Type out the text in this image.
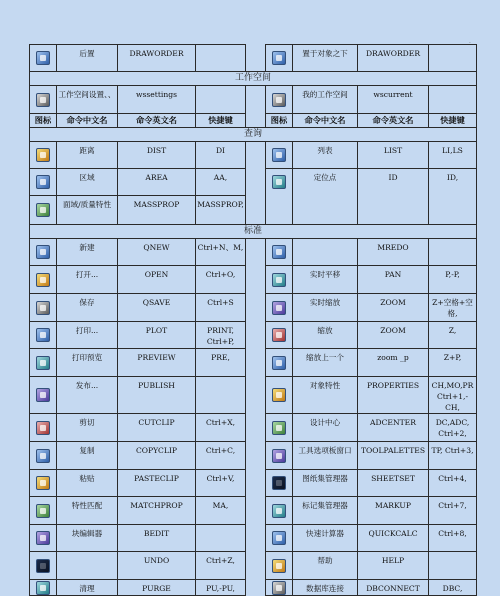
·
	后置	DRAWORDER				置于对象之下	DRAWORDER	
工作空间								
	工作空间设置、、	wssettings				我的工作空间	wscurrent	
图标	命令中文名	命令英文名	快捷键		图标	命令中文名	命令英文名	快捷键
查询								
	距离	DIST	DI			列表	LIST	LI,LS
	区域	AREA	AA,			定位点	ID	ID,
	面域/质量特性	MASSPROP	MASSPROP,					
标准								
	新建	QNEW	Ctrl+N、M,				MREDO	
	打开...	OPEN	Ctrl+O,			实时平移	PAN	P,-P,
	保存	QSAVE	Ctrl+S			实时缩放	ZOOM	Z+空格+空格,
	打印...	PLOT	PRINT, Ctrl+P,			缩放	ZOOM	Z,
	打印预览	PREVIEW	PRE,			缩放上一个	zoom _p	Z+P,
	发布...	PUBLISH				对象特性	PROPERTIES	CH,MO,PR Ctrl+1,-CH,
	剪切	CUTCLIP	Ctrl+X,			设计中心	ADCENTER	DC,ADC, Ctrl+2,
	复制	COPYCLIP	Ctrl+C,			工具选项板窗口	TOOLPALETTES	TP, Ctrl+3,
	粘贴	PASTECLIP	Ctrl+V,			图纸集管理器	SHEETSET	Ctrl+4,
	特性匹配	MATCHPROP	MA,			标记集管理器	MARKUP	Ctrl+7,
	块编辑器	BEDIT				快速计算器	QUICKCALC	Ctrl+8,
		UNDO	Ctrl+Z,			帮助	HELP	
	清理	PURGE	PU,-PU,			数据库连接	DBCONNECT	DBC,
